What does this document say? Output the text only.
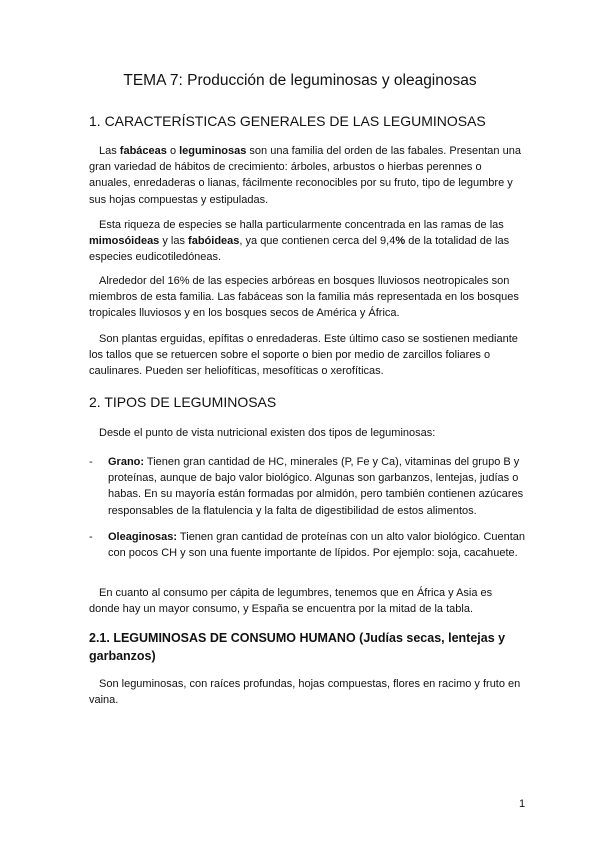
TEMA 7: Producción de leguminosas y oleaginosas
1. CARACTERÍSTICAS GENERALES DE LAS LEGUMINOSAS

Las fabáceas o leguminosas son una familia del orden de las fabales. Presentan una gran variedad de hábitos de crecimiento: árboles, arbustos o hierbas perennes o anuales, enredaderas o lianas, fácilmente reconocibles por su fruto, tipo de legumbre y sus hojas compuestas y estipuladas.

Esta riqueza de especies se halla particularmente concentrada en las ramas de las mimosóideas y las fabóideas, ya que contienen cerca del 9,4% de la totalidad de las especies eudicotiledóneas.

Alrededor del 16% de las especies arbóreas en bosques lluviosos neotropicales son miembros de esta familia. Las fabáceas son la familia más representada en los bosques tropicales lluviosos y en los bosques secos de América y África.

Son plantas erguidas, epífitas o enredaderas. Este último caso se sostienen mediante los tallos que se retuercen sobre el soporte o bien por medio de zarcillos foliares o caulinares. Pueden ser heliofíticas, mesofíticas o xerofíticas.

2. TIPOS DE LEGUMINOSAS

Desde el punto de vista nutricional existen dos tipos de leguminosas:

-	Grano: Tienen gran cantidad de HC, minerales (P, Fe y Ca), vitaminas del grupo B y proteínas, aunque de bajo valor biológico. Algunas son garbanzos, lentejas, judías o habas. En su mayoría están formadas por almidón, pero también contienen azúcares responsables de la flatulencia y la falta de digestibilidad de estos alimentos.

-	Oleaginosas: Tienen gran cantidad de proteínas con un alto valor biológico. Cuentan con pocos CH y son una fuente importante de lípidos. Por ejemplo: soja, cacahuete.

En cuanto al consumo per cápita de legumbres, tenemos que en África y Asia es donde hay un mayor consumo, y España se encuentra por la mitad de la tabla.

2.1. LEGUMINOSAS DE CONSUMO HUMANO (Judías secas, lentejas y garbanzos)

Son leguminosas, con raíces profundas, hojas compuestas, flores en racimo y fruto en vaina.

1
